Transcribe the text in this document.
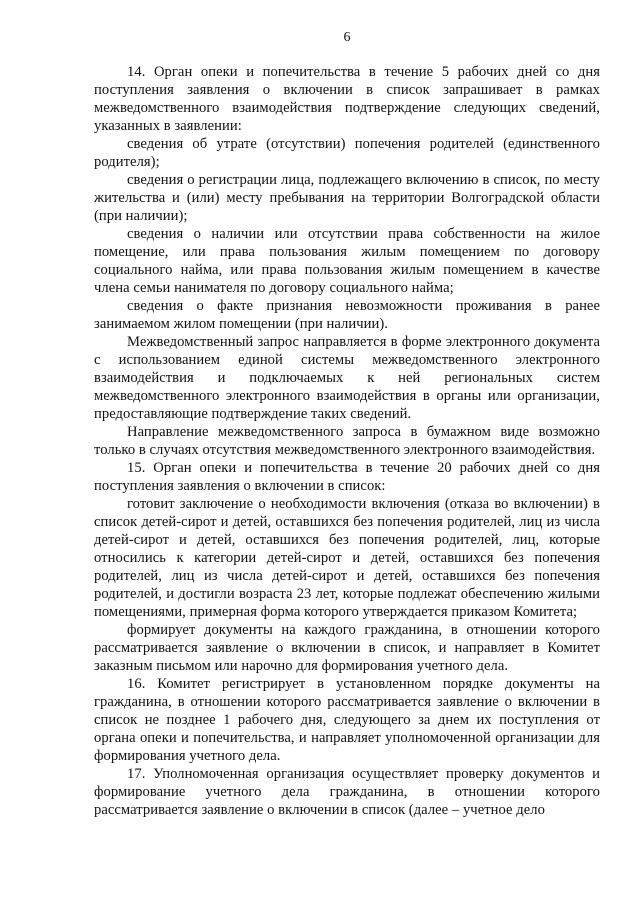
6

14. Орган опеки и попечительства в течение 5 рабочих дней со дня поступления заявления о включении в список запрашивает в рамках межведомственного взаимодействия подтверждение следующих сведений, указанных в заявлении:

сведения об утрате (отсутствии) попечения родителей (единственного родителя);

сведения о регистрации лица, подлежащего включению в список, по месту жительства и (или) месту пребывания на территории Волгоградской области (при наличии);

сведения о наличии или отсутствии права собственности на жилое помещение, или права пользования жилым помещением по договору социального найма, или права пользования жилым помещением в качестве члена семьи нанимателя по договору социального найма;

сведения о факте признания невозможности проживания в ранее занимаемом жилом помещении (при наличии).

Межведомственный запрос направляется в форме электронного документа с использованием единой системы межведомственного электронного взаимодействия и подключаемых к ней региональных систем межведомственного электронного взаимодействия в органы или организации, предоставляющие подтверждение таких сведений.

Направление межведомственного запроса в бумажном виде возможно только в случаях отсутствия межведомственного электронного взаимодействия.

15. Орган опеки и попечительства в течение 20 рабочих дней со дня поступления заявления о включении в список:

готовит заключение о необходимости включения (отказа во включении) в список детей-сирот и детей, оставшихся без попечения родителей, лиц из числа детей-сирот и детей, оставшихся без попечения родителей, лиц, которые относились к категории детей-сирот и детей, оставшихся без попечения родителей, лиц из числа детей-сирот и детей, оставшихся без попечения родителей, и достигли возраста 23 лет, которые подлежат обеспечению жилыми помещениями, примерная форма которого утверждается приказом Комитета;

формирует документы на каждого гражданина, в отношении которого рассматривается заявление о включении в список, и направляет в Комитет заказным письмом или нарочно для формирования учетного дела.

16. Комитет регистрирует в установленном порядке документы на гражданина, в отношении которого рассматривается заявление о включении в список не позднее 1 рабочего дня, следующего за днем их поступления от органа опеки и попечительства, и направляет уполномоченной организации для формирования учетного дела.

17. Уполномоченная организация осуществляет проверку документов и формирование учетного дела гражданина, в отношении которого рассматривается заявление о включении в список (далее – учетное дело
